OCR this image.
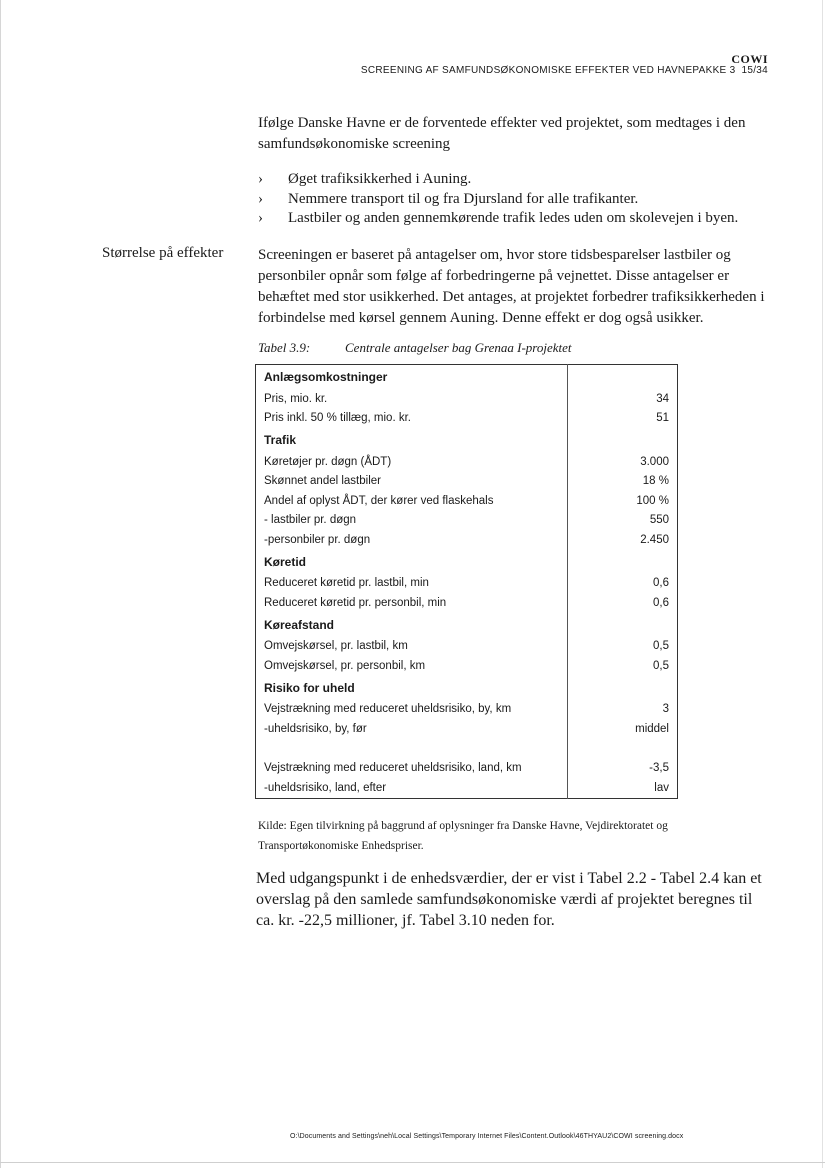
COWI
SCREENING AF SAMFUNDSØKONOMISKE EFFEKTER VED HAVNEPAKKE 3 15/34
Ifølge Danske Havne er de forventede effekter ved projektet, som medtages i den samfundsøkonomiske screening
› Øget trafiksikkerhed i Auning.
› Nemmere transport til og fra Djursland for alle trafikanter.
› Lastbiler og anden gennemkørende trafik ledes uden om skolevejen i byen.
Størrelse på effekter Screeningen er baseret på antagelser om, hvor store tidsbesparelser lastbiler og personbiler opnår som følge af forbedringerne på vejnettet. Disse antagelser er behæftet med stor usikkerhed. Det antages, at projektet forbedrer trafiksikkerheden i forbindelse med kørsel gennem Auning. Denne effekt er dog også usikker.
Tabel 3.9:	Centrale antagelser bag Grenaa I-projektet
Anlægsomkostninger	
Pris, mio. kr.	34
Pris inkl. 50 % tillæg, mio. kr.	51
Trafik	
Køretøjer pr. døgn (ÅDT)	3.000
Skønnet andel lastbiler	18 %
Andel af oplyst ÅDT, der kører ved flaskehals	100 %
- lastbiler pr. døgn	550
-personbiler pr. døgn	2.450
Køretid	
Reduceret køretid pr. lastbil, min	0,6
Reduceret køretid pr. personbil, min	0,6
Køreafstand	
Omvejskørsel, pr. lastbil, km	0,5
Omvejskørsel, pr. personbil, km	0,5
Risiko for uheld	
Vejstrækning med reduceret uheldsrisiko, by, km	3
-uheldsrisiko, by, før	middel

Vejstrækning med reduceret uheldsrisiko, land, km	-3,5
-uheldsrisiko, land, efter	lav
Kilde: Egen tilvirkning på baggrund af oplysninger fra Danske Havne, Vejdirektoratet og Transportøkonomiske Enhedspriser.
Med udgangspunkt i de enhedsværdier, der er vist i Tabel 2.2 - Tabel 2.4 kan et overslag på den samlede samfundsøkonomiske værdi af projektet beregnes til ca. kr. -22,5 millioner, jf. Tabel 3.10 neden for.
O:\Documents and Settings\neh\Local Settings\Temporary Internet Files\Content.Outlook\46THYAU2\COWI screening.docx
